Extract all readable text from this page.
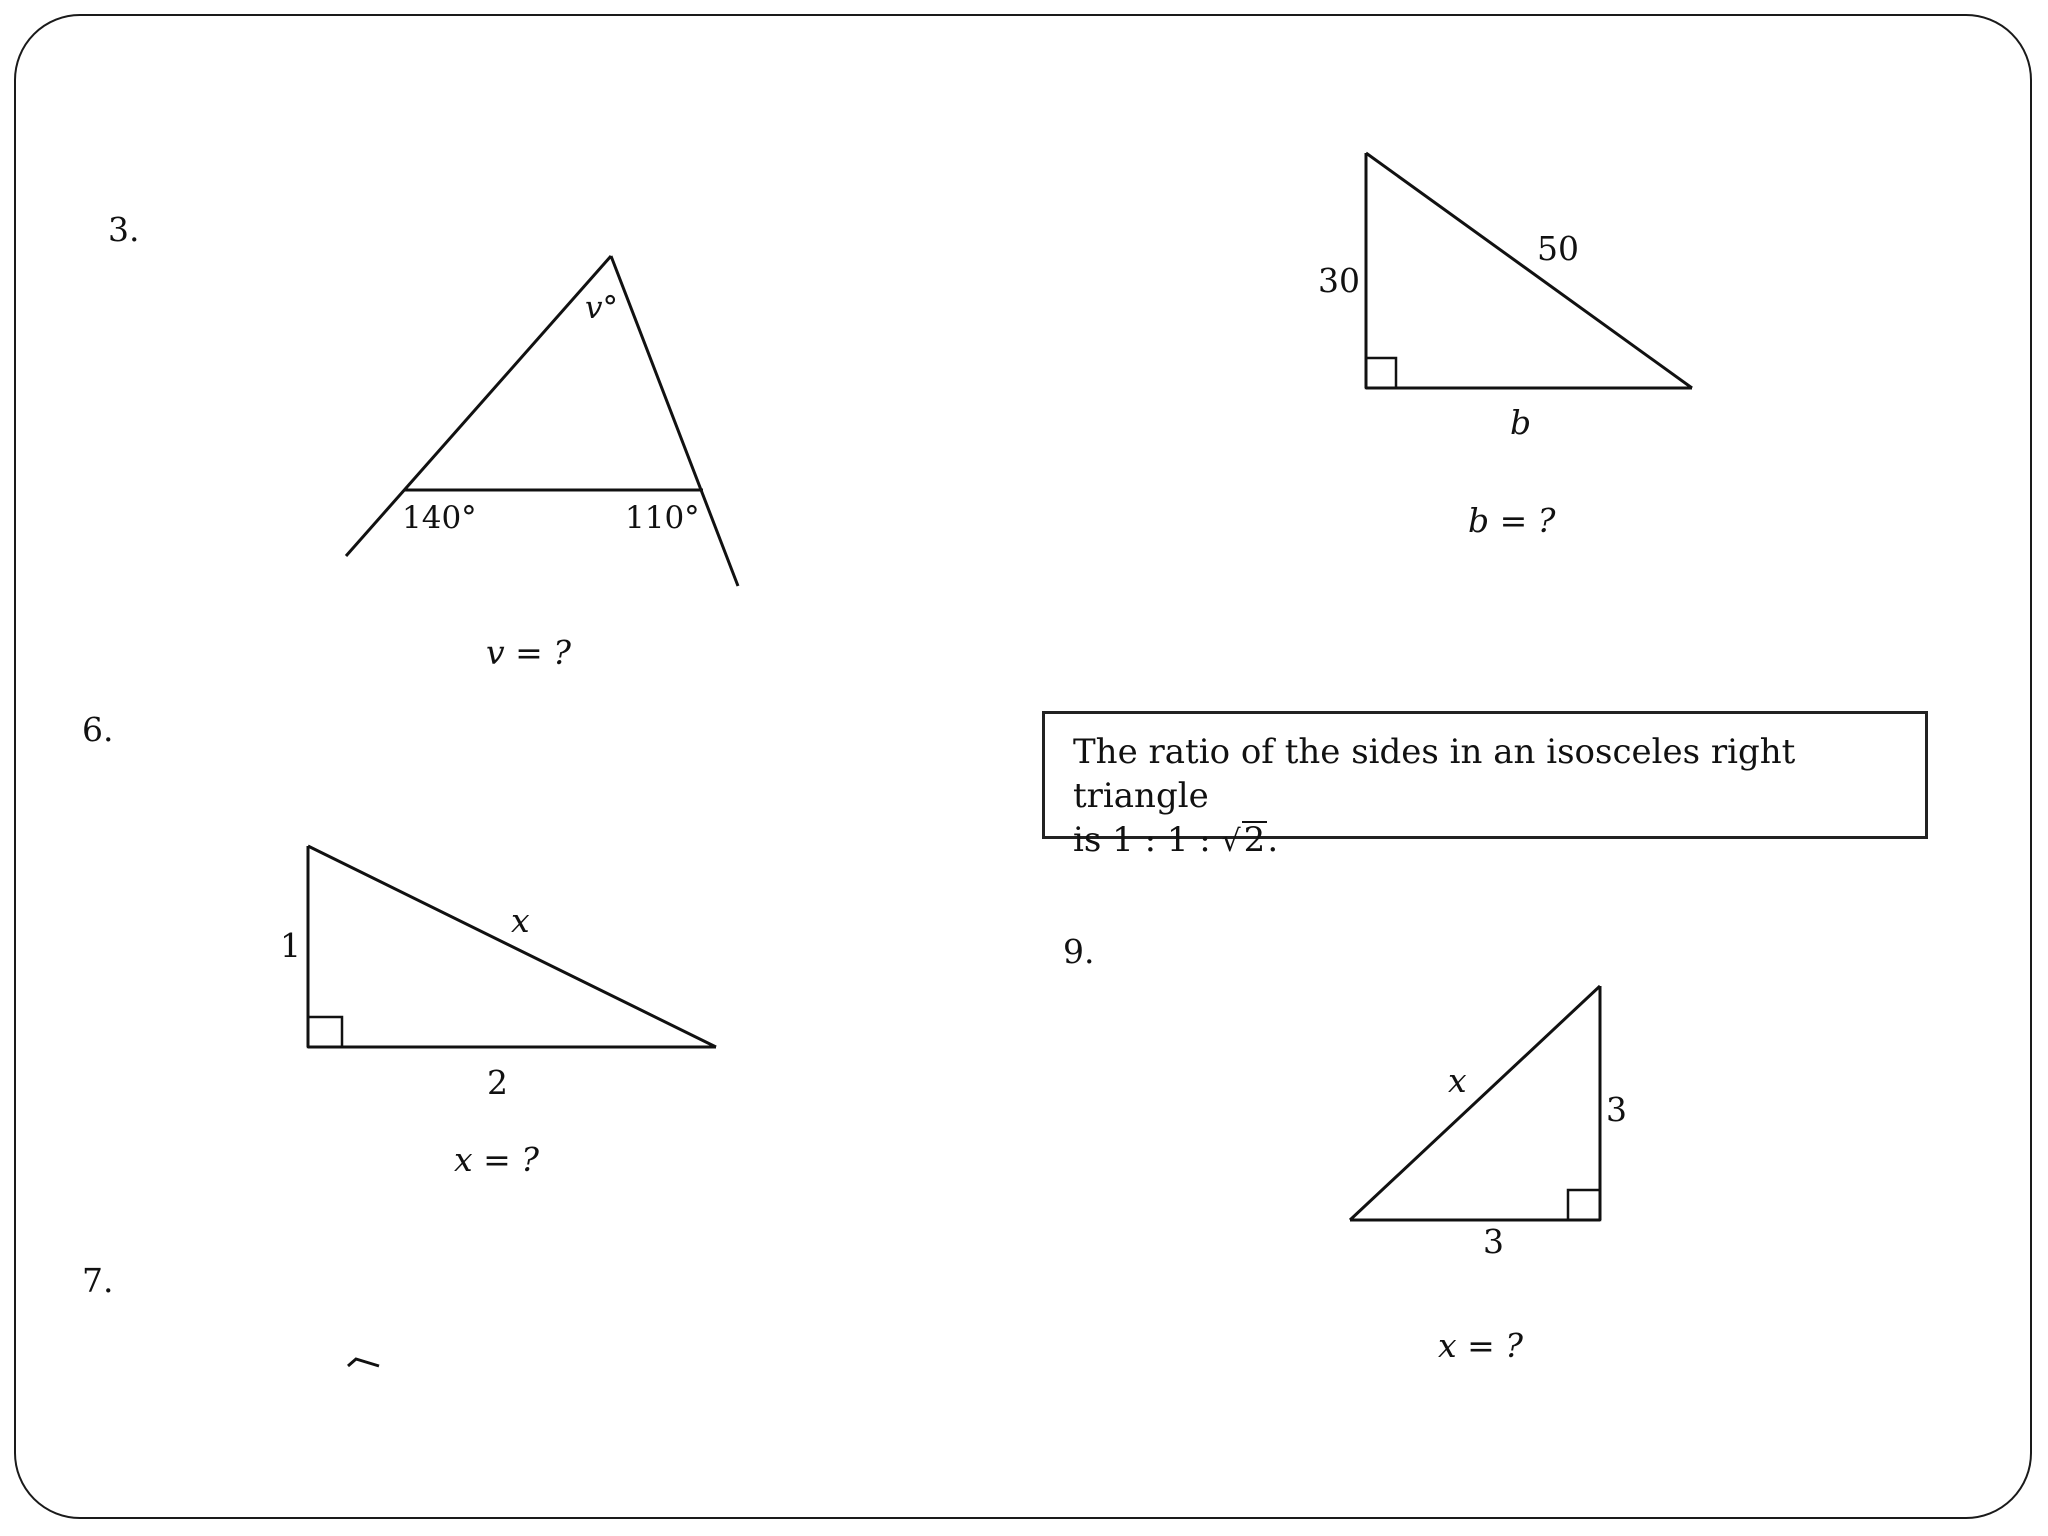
3.
v°
140°	110°
v = ?
30
50
b
b = ?
6.
1
x
2
x = ?
7.
9.
x
3
3
x = ?
The ratio of the sides in an isosceles right triangle
is 1 : 1 : √2.
